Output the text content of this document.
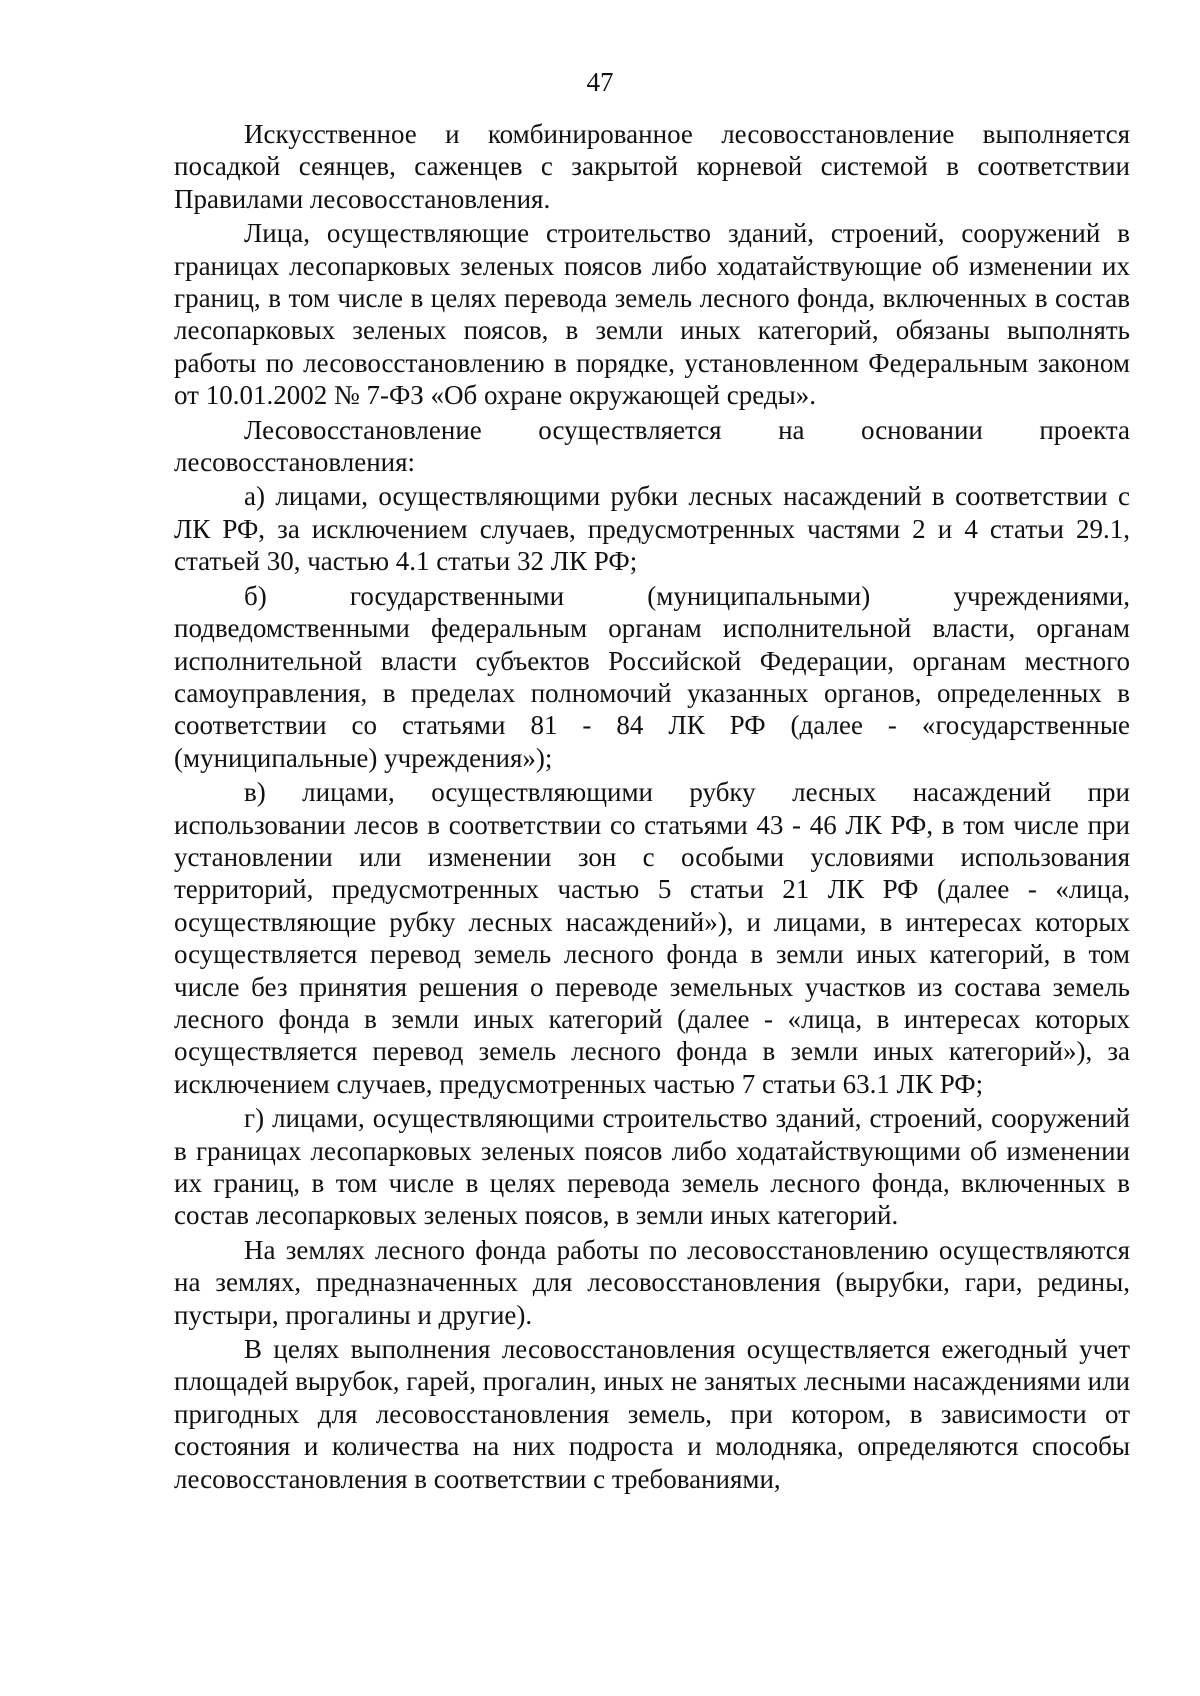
47

Искусственное и комбинированное лесовосстановление выполняется посадкой сеянцев, саженцев с закрытой корневой системой в соответствии Правилами лесовосстановления.

Лица, осуществляющие строительство зданий, строений, сооружений в границах лесопарковых зеленых поясов либо ходатайствующие об изменении их границ, в том числе в целях перевода земель лесного фонда, включенных в состав лесопарковых зеленых поясов, в земли иных категорий, обязаны выполнять работы по лесовосстановлению в порядке, установленном Федеральным законом от 10.01.2002 № 7-ФЗ «Об охране окружающей среды».

Лесовосстановление осуществляется на основании проекта лесовосстановления:

а) лицами, осуществляющими рубки лесных насаждений в соответствии с ЛК РФ, за исключением случаев, предусмотренных частями 2 и 4 статьи 29.1, статьей 30, частью 4.1 статьи 32 ЛК РФ;

б) государственными (муниципальными) учреждениями, подведомственными федеральным органам исполнительной власти, органам исполнительной власти субъектов Российской Федерации, органам местного самоуправления, в пределах полномочий указанных органов, определенных в соответствии со статьями 81 - 84 ЛК РФ (далее - «государственные (муниципальные) учреждения»);

в) лицами, осуществляющими рубку лесных насаждений при использовании лесов в соответствии со статьями 43 - 46 ЛК РФ, в том числе при установлении или изменении зон с особыми условиями использования территорий, предусмотренных частью 5 статьи 21 ЛК РФ (далее - «лица, осуществляющие рубку лесных насаждений»), и лицами, в интересах которых осуществляется перевод земель лесного фонда в земли иных категорий, в том числе без принятия решения о переводе земельных участков из состава земель лесного фонда в земли иных категорий (далее - «лица, в интересах которых осуществляется перевод земель лесного фонда в земли иных категорий»), за исключением случаев, предусмотренных частью 7 статьи 63.1 ЛК РФ;

г) лицами, осуществляющими строительство зданий, строений, сооружений в границах лесопарковых зеленых поясов либо ходатайствующими об изменении их границ, в том числе в целях перевода земель лесного фонда, включенных в состав лесопарковых зеленых поясов, в земли иных категорий.

На землях лесного фонда работы по лесовосстановлению осуществляются на землях, предназначенных для лесовосстановления (вырубки, гари, редины, пустыри, прогалины и другие).

В целях выполнения лесовосстановления осуществляется ежегодный учет площадей вырубок, гарей, прогалин, иных не занятых лесными насаждениями или пригодных для лесовосстановления земель, при котором, в зависимости от состояния и количества на них подроста и молодняка, определяются способы лесовосстановления в соответствии с требованиями,
